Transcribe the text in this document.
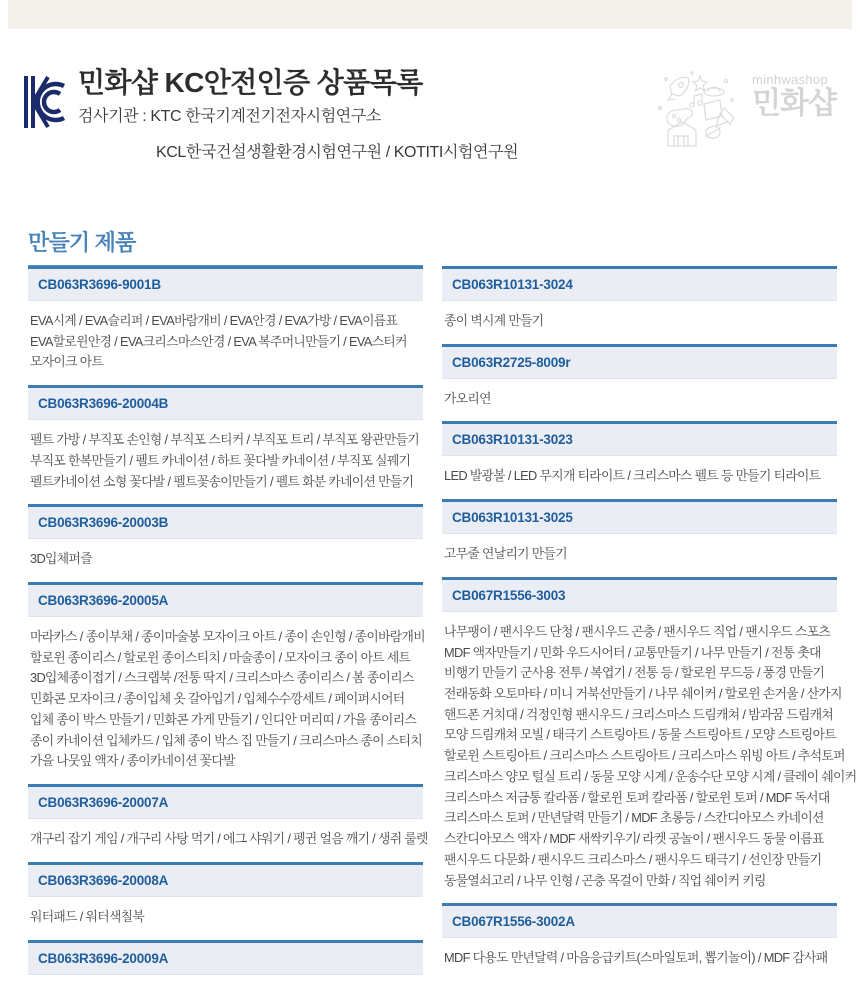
민화샵 KC안전인증 상품목록

검사기관 : KTC 한국기계전기전자시험연구소

KCL한국건설생활환경시험연구원 / KOTITI시험연구원

minhwashop

민화샵

만들기 제품

CB063R3696-9001B

EVA시계 / EVA슬리퍼 / EVA바람개비 / EVA안경 / EVA가방 / EVA이름표

EVA할로윈안경 / EVA크리스마스안경 / EVA 복주머니만들기 / EVA스티커

모자이크 아트

CB063R3696-20004B

펠트 가방 / 부직포 손인형 / 부직포 스티커 / 부직포 트리 / 부직포 왕관만들기

부직포 한복만들기 / 펠트 카네이션 / 하트 꽃다발 카네이션 / 부직포 실꿰기

펠트카네이션 소형 꽃다발 / 펠트꽃송이만들기 / 펠트 화분 카네이션 만들기

CB063R3696-20003B

3D입체퍼즐

CB063R3696-20005A

마라카스 / 종이부채 / 종이마술봉 모자이크 아트 / 종이 손인형 / 종이바람개비

할로윈 종이리스 / 할로윈 종이스티치 / 마술종이 / 모자이크 종이 아트 세트

3D입체종이접기 / 스크랩북 /전통 딱지 / 크리스마스 종이리스 / 봄 종이리스

민화콘 모자이크 / 종이입체 옷 갈아입기 / 입체수수깡세트 / 페이퍼시어터

입체 종이 박스 만들기 / 민화콘 가게 만들기 / 인디안 머리띠 / 가을 종이리스

종이 카네이션 입체카드 / 입체 종이 박스 집 만들기 / 크리스마스 종이 스티치

가을 나뭇잎 액자 / 종이카네이션 꽃다발

CB063R3696-20007A

개구리 잡기 게임 / 개구리 사탕 먹기 / 에그 샤워기 / 펭귄 얼음 깨기 / 생쥐 룰렛

CB063R3696-20008A

워터패드 / 워터색칠북

CB063R3696-20009A

CB063R10131-3024

종이 벽시계 만들기

CB063R2725-8009r

가오리연

CB063R10131-3023

LED 발광볼 / LED 무지개 티라이트 / 크리스마스 펠트 등 만들기 티라이트

CB063R10131-3025

고무줄 연날리기 만들기

CB067R1556-3003

나무팽이 / 팬시우드 단청 / 팬시우드 곤충 / 팬시우드 직업 / 팬시우드 스포츠

MDF 액자만들기 / 민화 우드시어터 / 교통만들기 / 나무 만들기 / 전통 촛대

비행기 만들기 군사용 전투 / 복엽기 / 전통 등 / 할로윈 무드등 / 풍경 만들기

전래동화 오토마타 / 미니 거북선만들기 / 나무 쉐이커 / 할로윈 손거울 / 산가지

핸드폰 거치대 / 걱정인형 팬시우드 / 크리스마스 드림캐쳐 / 밤과꿈 드림캐쳐

모양 드림캐쳐 모빌 / 태극기 스트링아트 / 동물 스트링아트 / 모양 스트링아트

할로윈 스트링아트 / 크리스마스 스트링아트 / 크리스마스 위빙 아트 / 추석토퍼

크리스마스 양모 털실 트리 / 동물 모양 시계 / 운송수단 모양 시계 / 클레이 쉐이커

크리스마스 저금통 칼라폼 / 할로윈 토퍼 칼라폼 / 할로윈 토퍼 / MDF 독서대

크리스마스 토퍼 / 만년달력 만들기 / MDF 초롱등 / 스칸디아모스 카네이션

스칸디아모스 액자 / MDF 새싹키우기/ 라켓 공놀이 / 팬시우드 동물 이름표

팬시우드 다문화 / 팬시우드 크리스마스 / 팬시우드 태극기 / 선인장 만들기

동물열쇠고리 / 나무 인형 / 곤충 목걸이 만화 / 직업 쉐이커 키링

CB067R1556-3002A

MDF 다용도 만년달력 / 마음응급키트(스마일토퍼, 뽑기놀이) / MDF 감사패
